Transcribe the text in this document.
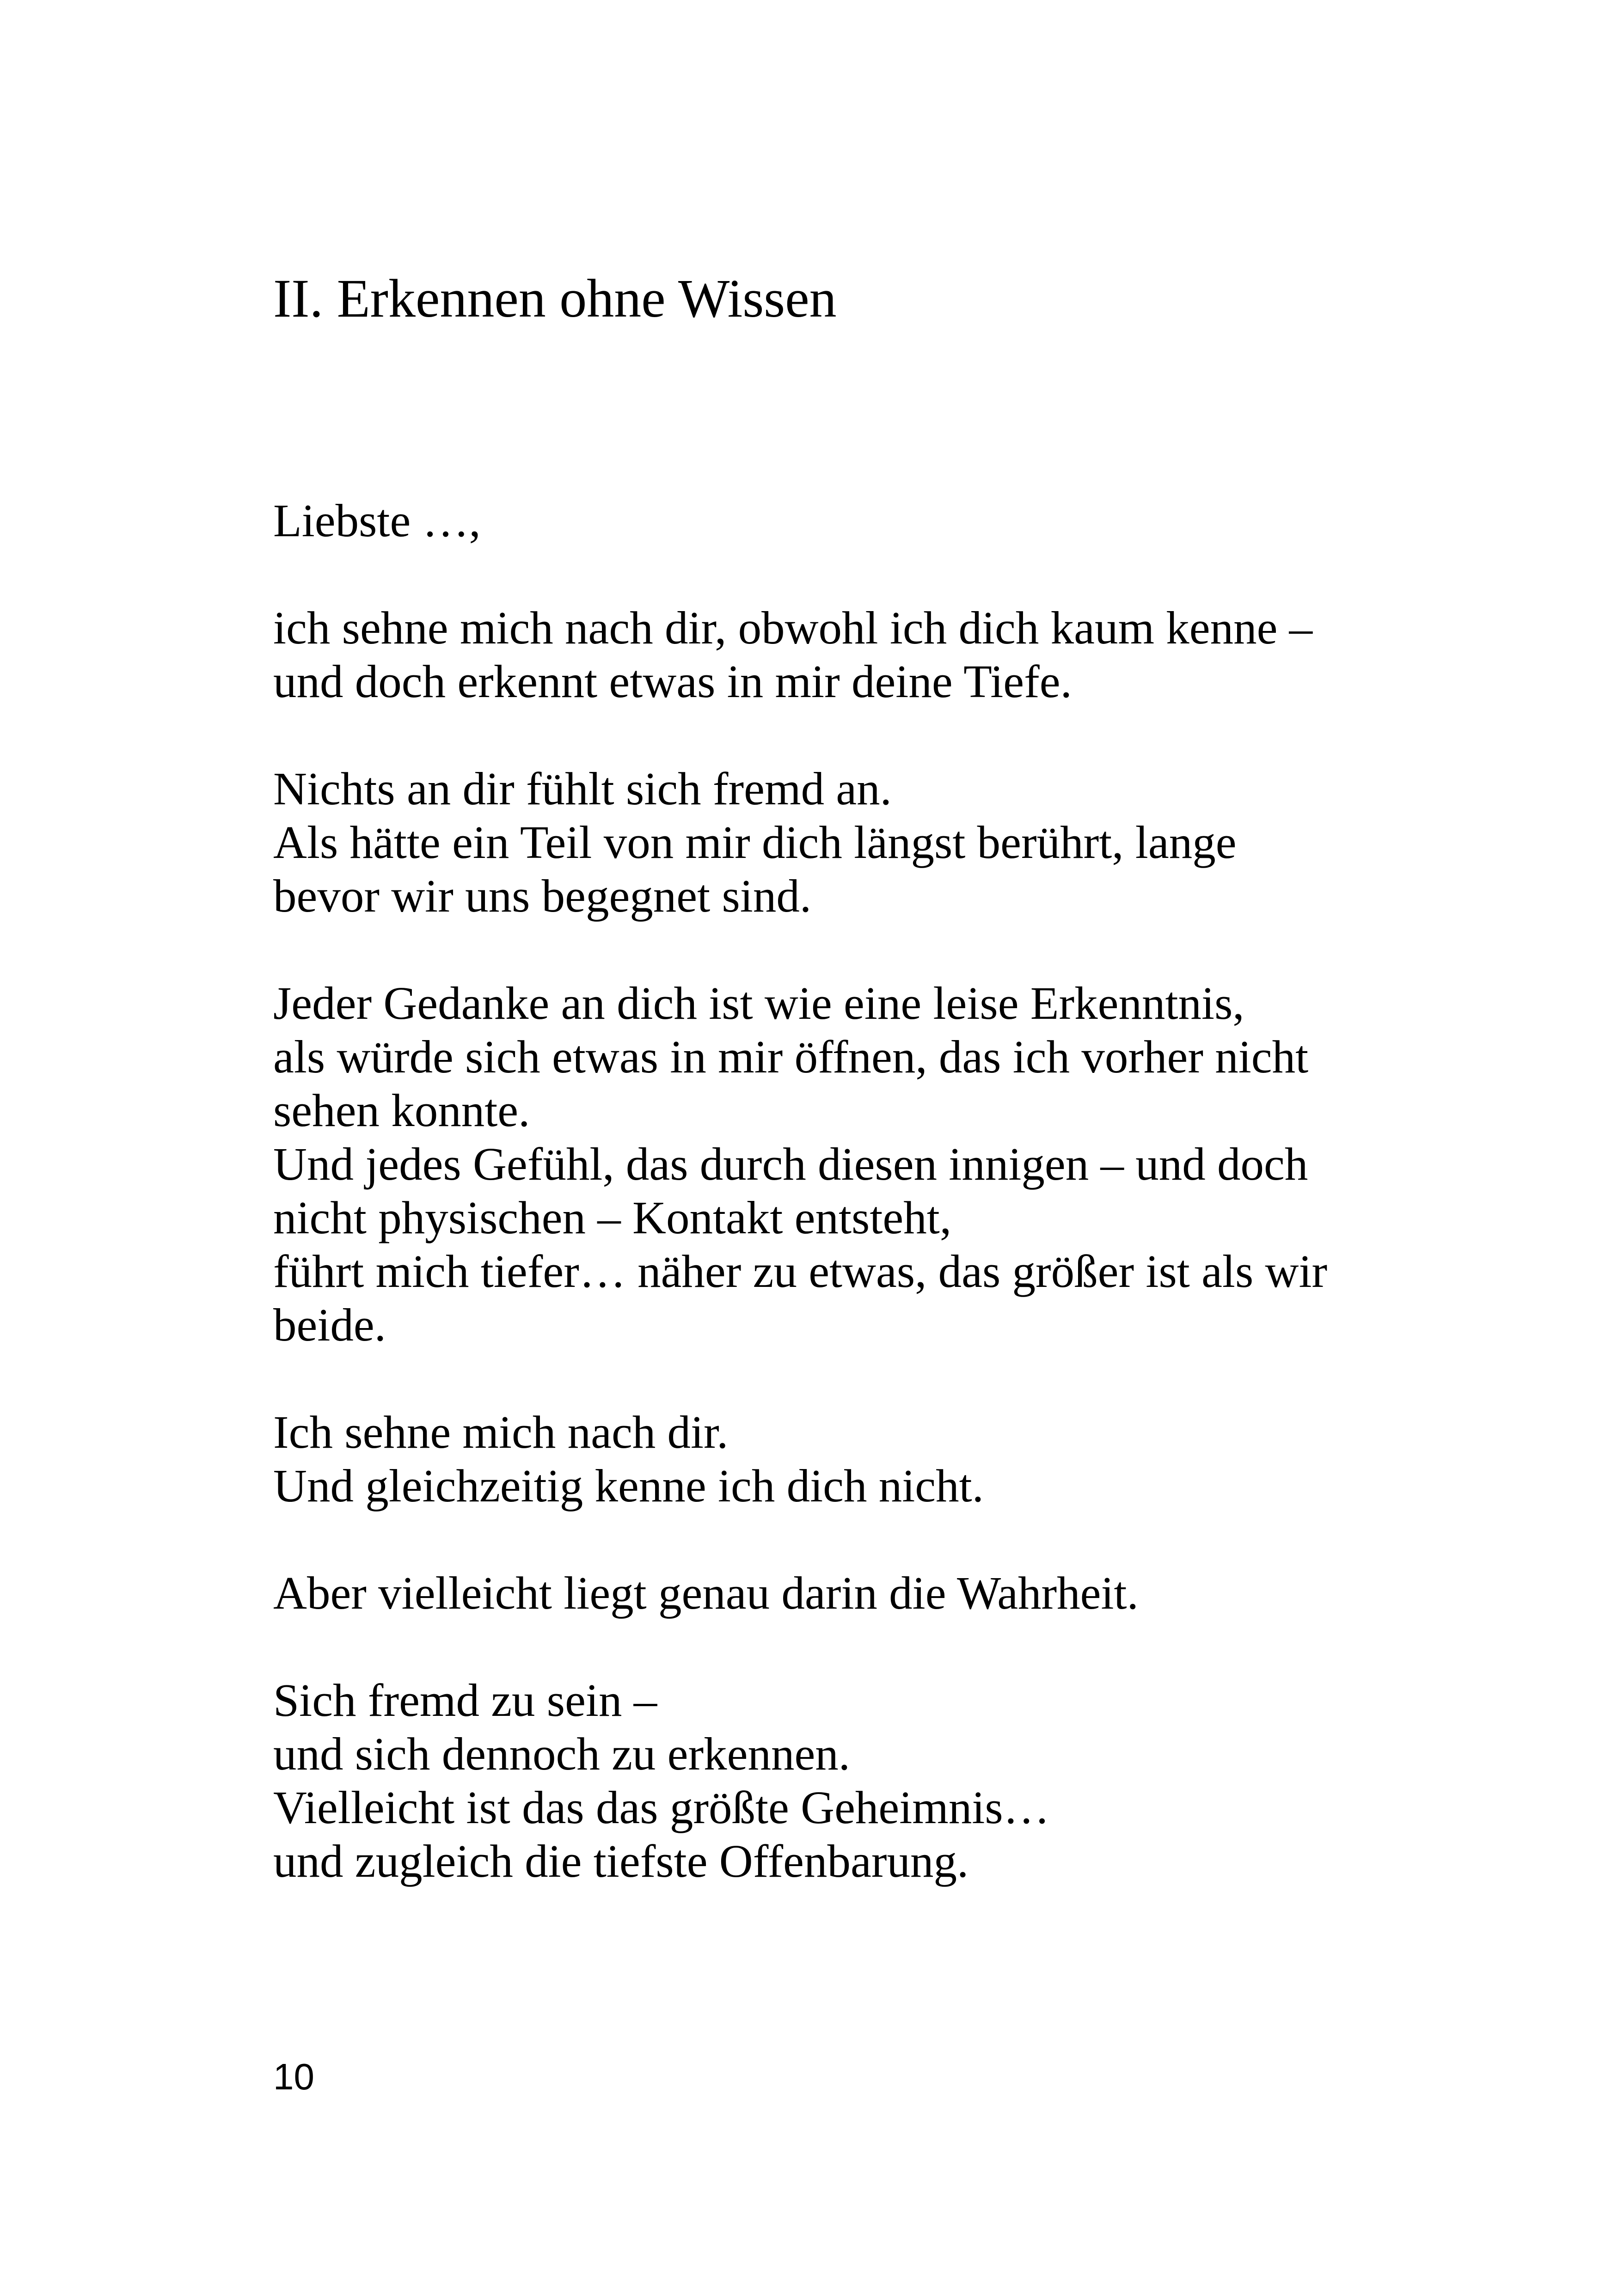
II. Erkennen ohne Wissen
Liebste …,
ich sehne mich nach dir, obwohl ich dich kaum kenne –
und doch erkennt etwas in mir deine Tiefe.
Nichts an dir fühlt sich fremd an.
Als hätte ein Teil von mir dich längst berührt, lange
bevor wir uns begegnet sind.
Jeder Gedanke an dich ist wie eine leise Erkenntnis,
als würde sich etwas in mir öffnen, das ich vorher nicht
sehen konnte.
Und jedes Gefühl, das durch diesen innigen – und doch
nicht physischen – Kontakt entsteht,
führt mich tiefer… näher zu etwas, das größer ist als wir
beide.
Ich sehne mich nach dir.
Und gleichzeitig kenne ich dich nicht.
Aber vielleicht liegt genau darin die Wahrheit.
Sich fremd zu sein –
und sich dennoch zu erkennen.
Vielleicht ist das das größte Geheimnis…
und zugleich die tiefste Offenbarung.
10
